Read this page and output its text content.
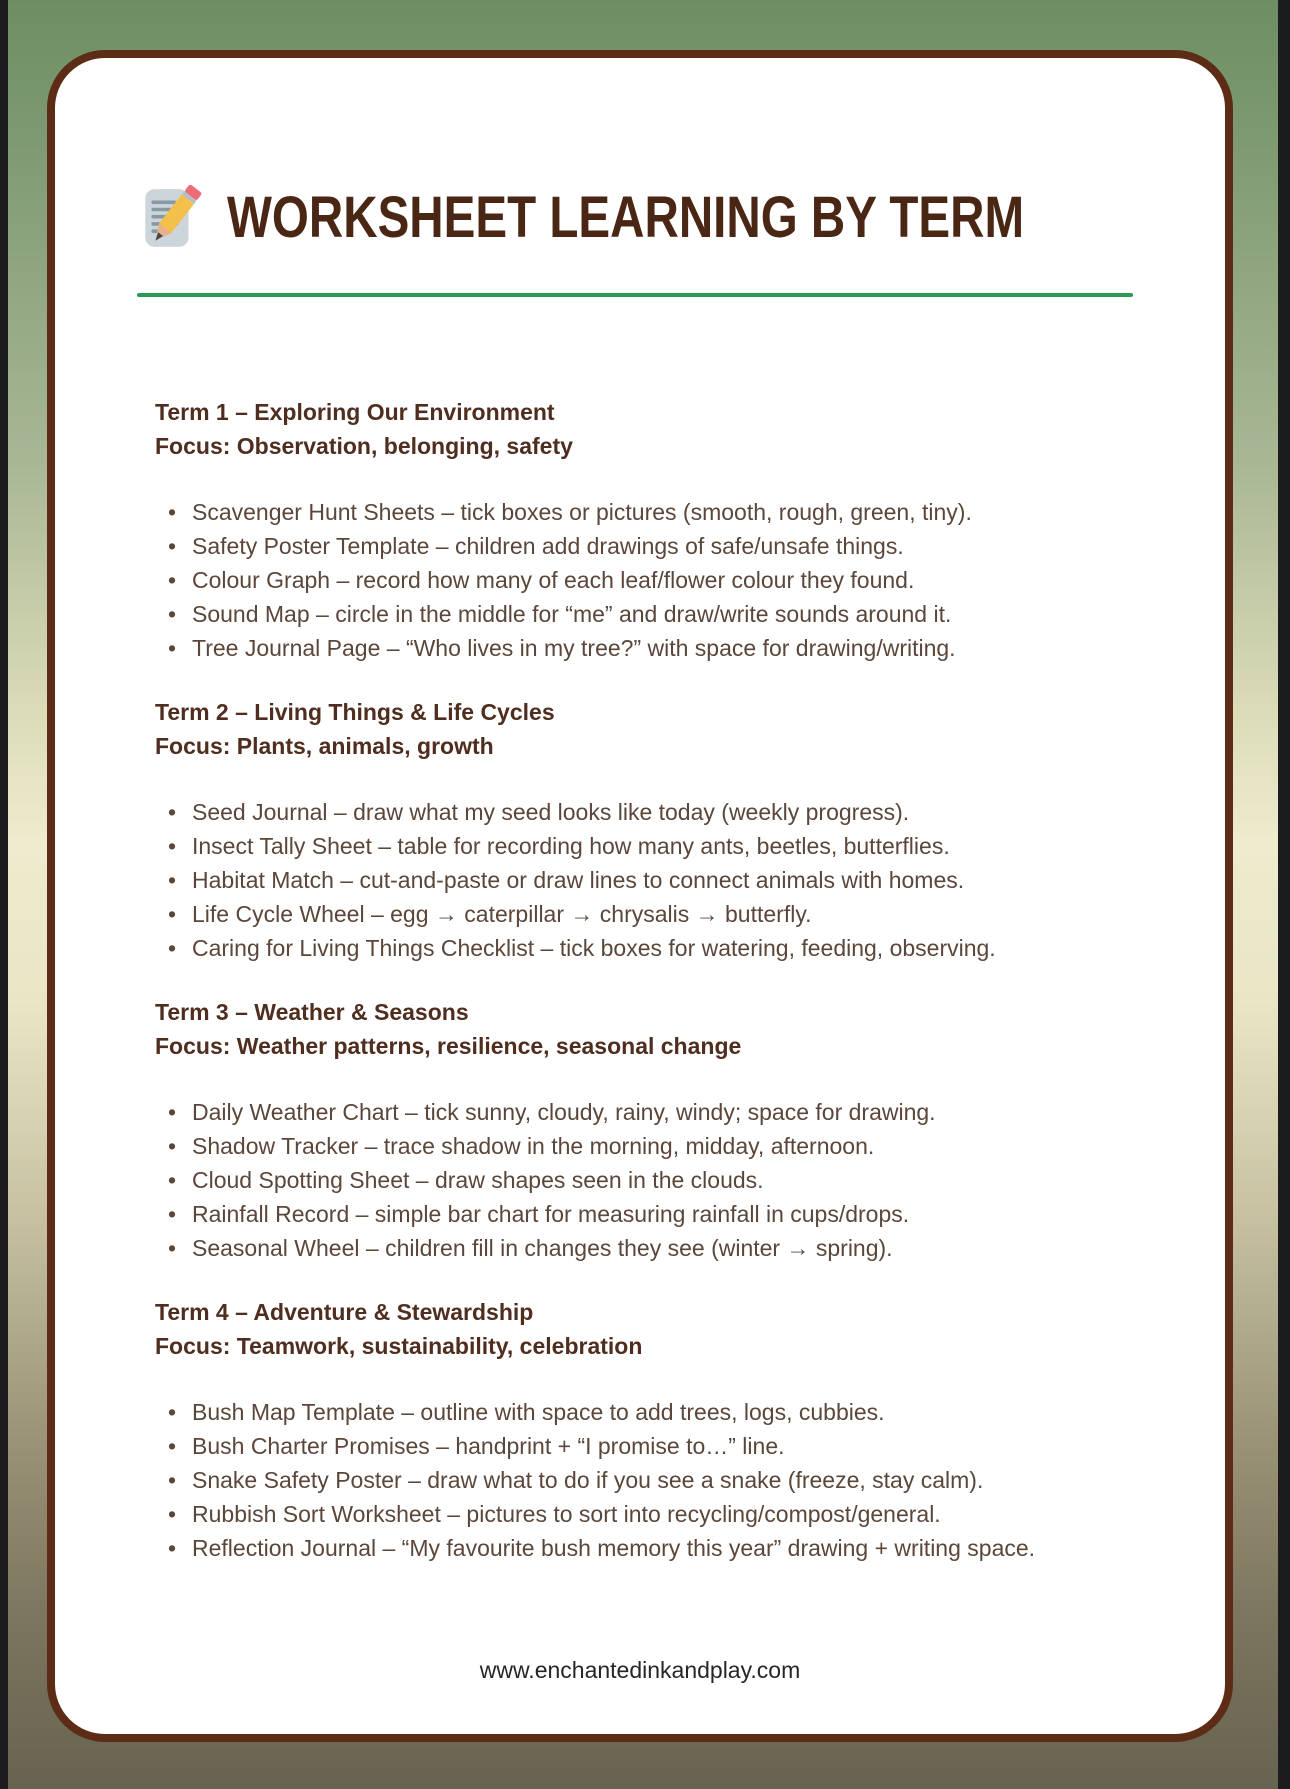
WORKSHEET LEARNING BY TERM
Term 1 – Exploring Our Environment
Focus: Observation, belonging, safety
• Scavenger Hunt Sheets – tick boxes or pictures (smooth, rough, green, tiny).
• Safety Poster Template – children add drawings of safe/unsafe things.
• Colour Graph – record how many of each leaf/flower colour they found.
• Sound Map – circle in the middle for “me” and draw/write sounds around it.
• Tree Journal Page – “Who lives in my tree?” with space for drawing/writing.
Term 2 – Living Things & Life Cycles
Focus: Plants, animals, growth
• Seed Journal – draw what my seed looks like today (weekly progress).
• Insect Tally Sheet – table for recording how many ants, beetles, butterflies.
• Habitat Match – cut-and-paste or draw lines to connect animals with homes.
• Life Cycle Wheel – egg → caterpillar → chrysalis → butterfly.
• Caring for Living Things Checklist – tick boxes for watering, feeding, observing.
Term 3 – Weather & Seasons
Focus: Weather patterns, resilience, seasonal change
• Daily Weather Chart – tick sunny, cloudy, rainy, windy; space for drawing.
• Shadow Tracker – trace shadow in the morning, midday, afternoon.
• Cloud Spotting Sheet – draw shapes seen in the clouds.
• Rainfall Record – simple bar chart for measuring rainfall in cups/drops.
• Seasonal Wheel – children fill in changes they see (winter → spring).
Term 4 – Adventure & Stewardship
Focus: Teamwork, sustainability, celebration
• Bush Map Template – outline with space to add trees, logs, cubbies.
• Bush Charter Promises – handprint + “I promise to…” line.
• Snake Safety Poster – draw what to do if you see a snake (freeze, stay calm).
• Rubbish Sort Worksheet – pictures to sort into recycling/compost/general.
• Reflection Journal – “My favourite bush memory this year” drawing + writing space.
www.enchantedinkandplay.com
